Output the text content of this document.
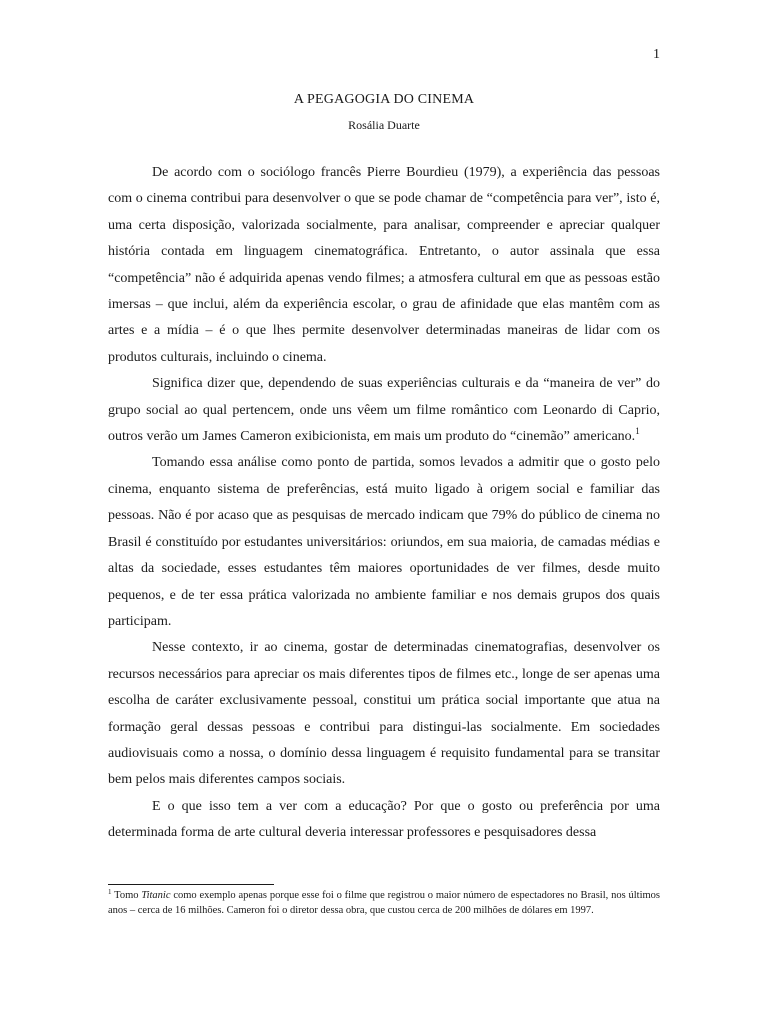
1
A PEGAGOGIA DO CINEMA
Rosália Duarte

De acordo com o sociólogo francês Pierre Bourdieu (1979), a experiência das pessoas com o cinema contribui para desenvolver o que se pode chamar de “competência para ver”, isto é, uma certa disposição, valorizada socialmente, para analisar, compreender e apreciar qualquer história contada em linguagem cinematográfica. Entretanto, o autor assinala que essa “competência” não é adquirida apenas vendo filmes; a atmosfera cultural em que as pessoas estão imersas – que inclui, além da experiência escolar, o grau de afinidade que elas mantêm com as artes e a mídia – é o que lhes permite desenvolver determinadas maneiras de lidar com os produtos culturais, incluindo o cinema.

Significa dizer que, dependendo de suas experiências culturais e da “maneira de ver” do grupo social ao qual pertencem, onde uns vêem um filme romântico com Leonardo di Caprio, outros verão um James Cameron exibicionista, em mais um produto do “cinemão” americano.$^1$

Tomando essa análise como ponto de partida, somos levados a admitir que o gosto pelo cinema, enquanto sistema de preferências, está muito ligado à origem social e familiar das pessoas. Não é por acaso que as pesquisas de mercado indicam que 79% do público de cinema no Brasil é constituído por estudantes universitários: oriundos, em sua maioria, de camadas médias e altas da sociedade, esses estudantes têm maiores oportunidades de ver filmes, desde muito pequenos, e de ter essa prática valorizada no ambiente familiar e nos demais grupos dos quais participam.

Nesse contexto, ir ao cinema, gostar de determinadas cinematografias, desenvolver os recursos necessários para apreciar os mais diferentes tipos de filmes etc., longe de ser apenas uma escolha de caráter exclusivamente pessoal, constitui um prática social importante que atua na formação geral dessas pessoas e contribui para distingui-las socialmente. Em sociedades audiovisuais como a nossa, o domínio dessa linguagem é requisito fundamental para se transitar bem pelos mais diferentes campos sociais.

E o que isso tem a ver com a educação? Por que o gosto ou preferência por uma determinada forma de arte cultural deveria interessar professores e pesquisadores dessa

$^1$ Tomo Titanic como exemplo apenas porque esse foi o filme que registrou o maior número de espectadores no Brasil, nos últimos anos – cerca de 16 milhões. Cameron foi o diretor dessa obra, que custou cerca de 200 milhões de dólares em 1997.
